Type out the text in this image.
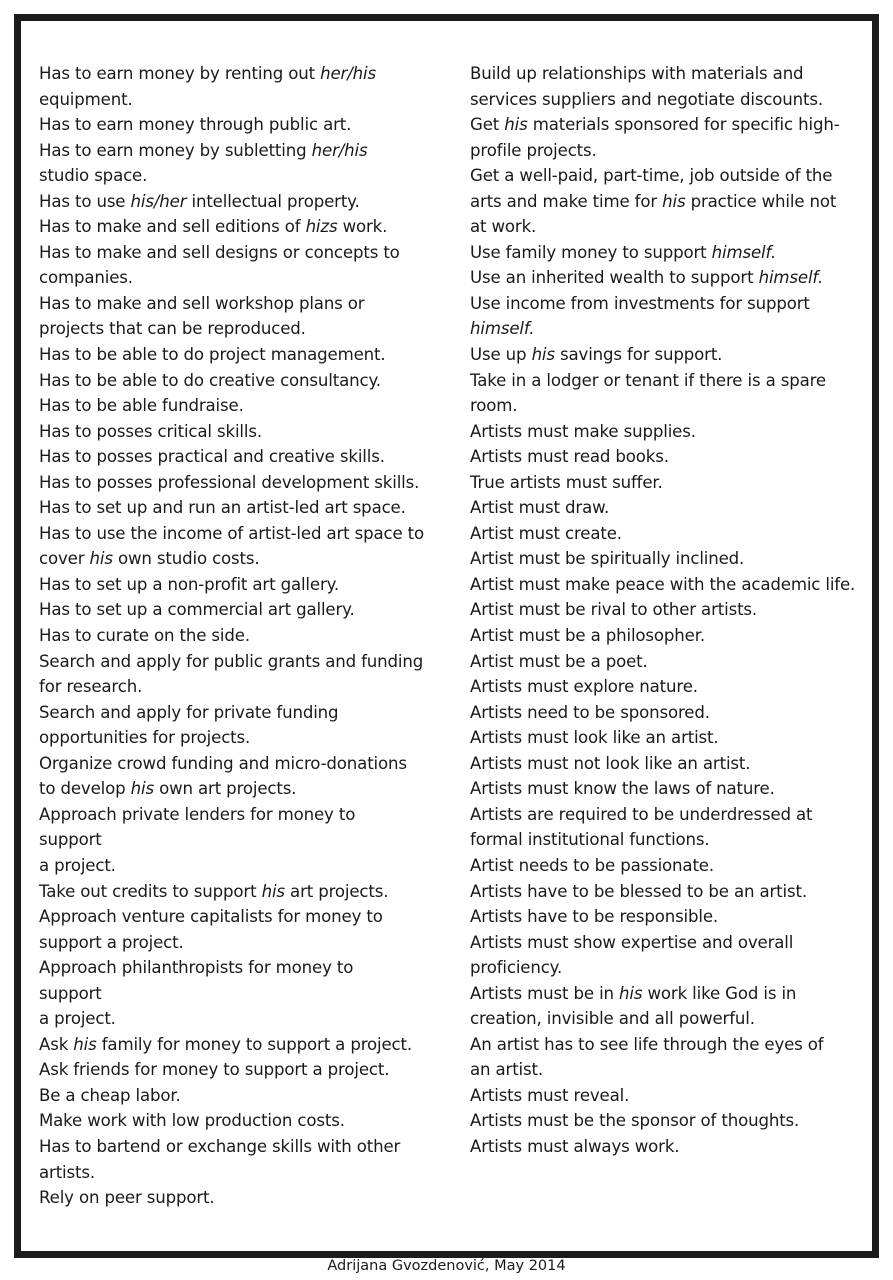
Has to earn money by renting out her/his
equipment.
Has to earn money through public art.
Has to earn money by subletting her/his
studio space.
Has to use his/her intellectual property.
Has to make and sell editions of hizs work.
Has to make and sell designs or concepts to
companies.
Has to make and sell workshop plans or
projects that can be reproduced.
Has to be able to do project management.
Has to be able to do creative consultancy.
Has to be able fundraise.
Has to posses critical skills.
Has to posses practical and creative skills.
Has to posses professional development skills.
Has to set up and run an artist-led art space.
Has to use the income of artist-led art space to
cover his own studio costs.
Has to set up a non-profit art gallery.
Has to set up a commercial art gallery.
Has to curate on the side.
Search and apply for public grants and funding
for research.
Search and apply for private funding
opportunities for projects.
Organize crowd funding and micro-donations
to develop his own art projects.
Approach private lenders for money to
support
a project.
Take out credits to support his art projects.
Approach venture capitalists for money to
support a project.
Approach philanthropists for money to
support
a project.
Ask his family for money to support a project.
Ask friends for money to support a project.
Be a cheap labor.
Make work with low production costs.
Has to bartend or exchange skills with other
artists.
Rely on peer support.
Build up relationships with materials and
services suppliers and negotiate discounts.
Get his materials sponsored for specific high-
profile projects.
Get a well-paid, part-time, job outside of the
arts and make time for his practice while not
at work.
Use family money to support himself.
Use an inherited wealth to support himself.
Use income from investments for support
himself.
Use up his savings for support.
Take in a lodger or tenant if there is a spare
room.
Artists must make supplies.
Artists must read books.
True artists must suffer.
Artist must draw.
Artist must create.
Artist must be spiritually inclined.
Artist must make peace with the academic life.
Artist must be rival to other artists.
Artist must be a philosopher.
Artist must be a poet.
Artists must explore nature.
Artists need to be sponsored.
Artists must look like an artist.
Artists must not look like an artist.
Artists must know the laws of nature.
Artists are required to be underdressed at
formal institutional functions.
Artist needs to be passionate.
Artists have to be blessed to be an artist.
Artists have to be responsible.
Artists must show expertise and overall
proficiency.
Artists must be in his work like God is in
creation, invisible and all powerful.
An artist has to see life through the eyes of
an artist.
Artists must reveal.
Artists must be the sponsor of thoughts.
Artists must always work.
Adrijana Gvozdenović, May 2014
